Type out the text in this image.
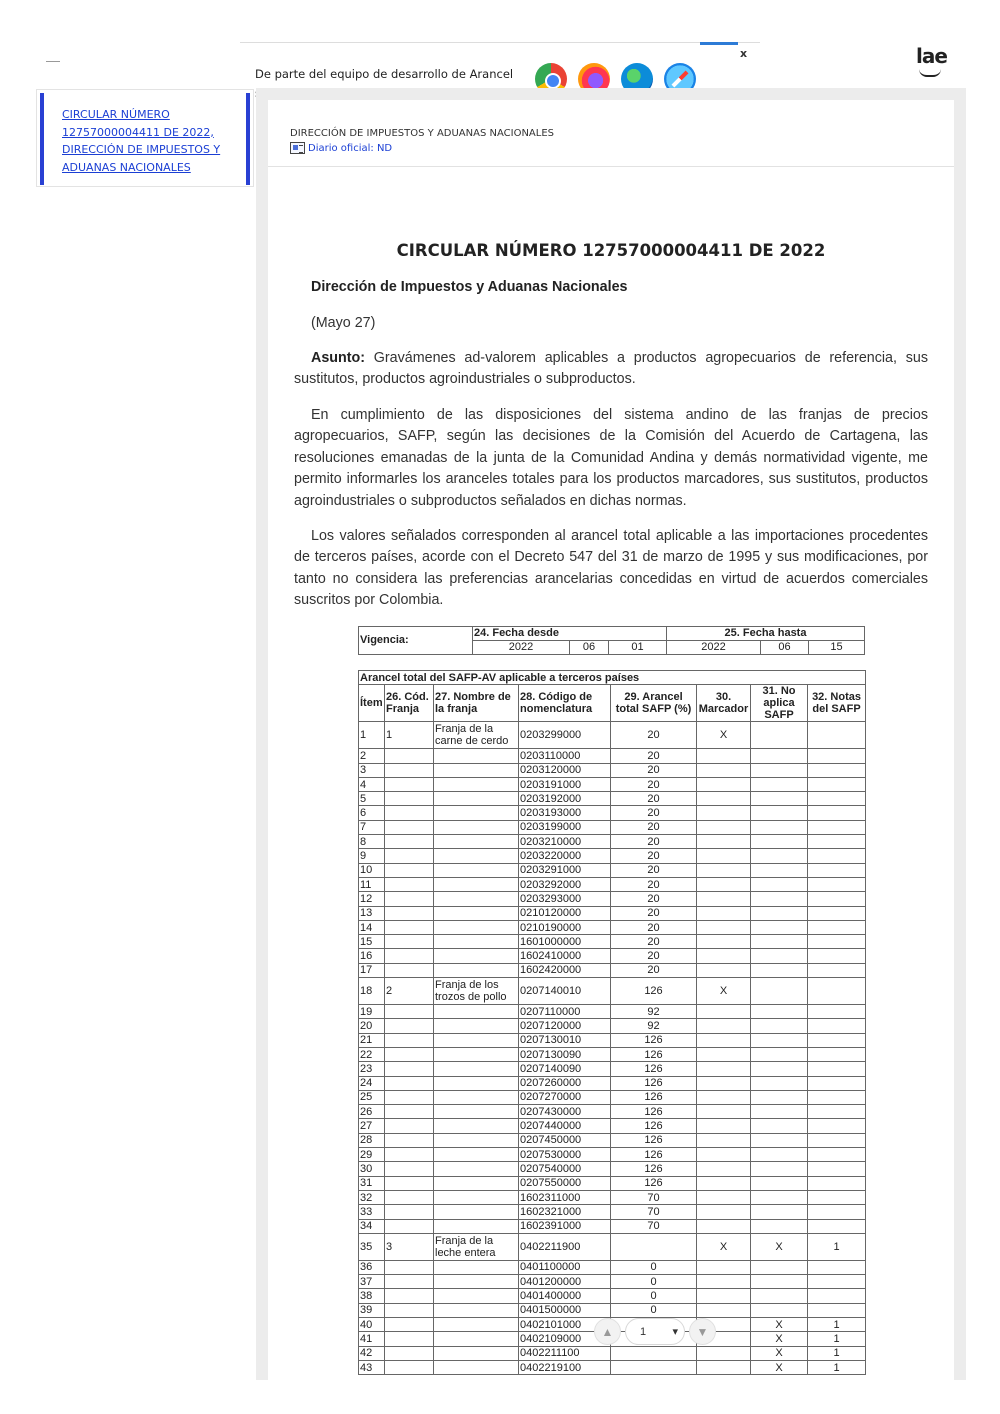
De parte del equipo de desarrollo de Arancel
x	lae
CIRCULAR NÚMERO 12757000004411 DE 2022, DIRECCIÓN DE IMPUESTOS Y ADUANAS NACIONALES
DIRECCIÓN DE IMPUESTOS Y ADUANAS NACIONALES
Diario oficial: ND
CIRCULAR NÚMERO 12757000004411 DE 2022
Dirección de Impuestos y Aduanas Nacionales
(Mayo 27)
Asunto: Gravámenes ad-valorem aplicables a productos agropecuarios de referencia, sus sustitutos, productos agroindustriales o subproductos.
En cumplimiento de las disposiciones del sistema andino de las franjas de precios agropecuarios, SAFP, según las decisiones de la Comisión del Acuerdo de Cartagena, las resoluciones emanadas de la junta de la Comunidad Andina y demás normatividad vigente, me permito informarles los aranceles totales para los productos marcadores, sus sustitutos, productos agroindustriales o subproductos señalados en dichas normas.
Los valores señalados corresponden al arancel total aplicable a las importaciones procedentes de terceros países, acorde con el Decreto 547 del 31 de marzo de 1995 y sus modificaciones, por tanto no considera las preferencias arancelarias concedidas en virtud de acuerdos comerciales suscritos por Colombia.
Vigencia:	24. Fecha desde			25. Fecha hasta		
	2022	06	01	2022	06	15
Arancel total del SAFP-AV aplicable a terceros países							
Ítem	26. Cód. Franja	27. Nombre de la franja	28. Código de nomenclatura	29. Arancel total SAFP (%)	30. Marcador	31. No aplica SAFP	32. Notas del SAFP
1	1	Franja de la carne de cerdo	0203299000	20	X		
2			0203110000	20			
3			0203120000	20			
4			0203191000	20			
5			0203192000	20			
6			0203193000	20			
7			0203199000	20			
8			0203210000	20			
9			0203220000	20			
10			0203291000	20			
11			0203292000	20			
12			0203293000	20			
13			0210120000	20			
14			0210190000	20			
15			1601000000	20			
16			1602410000	20			
17			1602420000	20			
18	2	Franja de los trozos de pollo	0207140010	126	X		
19			0207110000	92			
20			0207120000	92			
21			0207130010	126			
22			0207130090	126			
23			0207140090	126			
24			0207260000	126			
25			0207270000	126			
26			0207430000	126			
27			0207440000	126			
28			0207450000	126			
29			0207530000	126			
30			0207540000	126			
31			0207550000	126			
32			1602311000	70			
33			1602321000	70			
34			1602391000	70			
35	3	Franja de la leche entera	0402211900		X	X	1
36			0401100000	0			
37			0401200000	0			
38			0401400000	0			
39			0401500000	0			
40			0402101000			X	1
41			0402109000			X	1
42			0402211100			X	1
43			0402219100			X	1
▲	1 ▾	▼
